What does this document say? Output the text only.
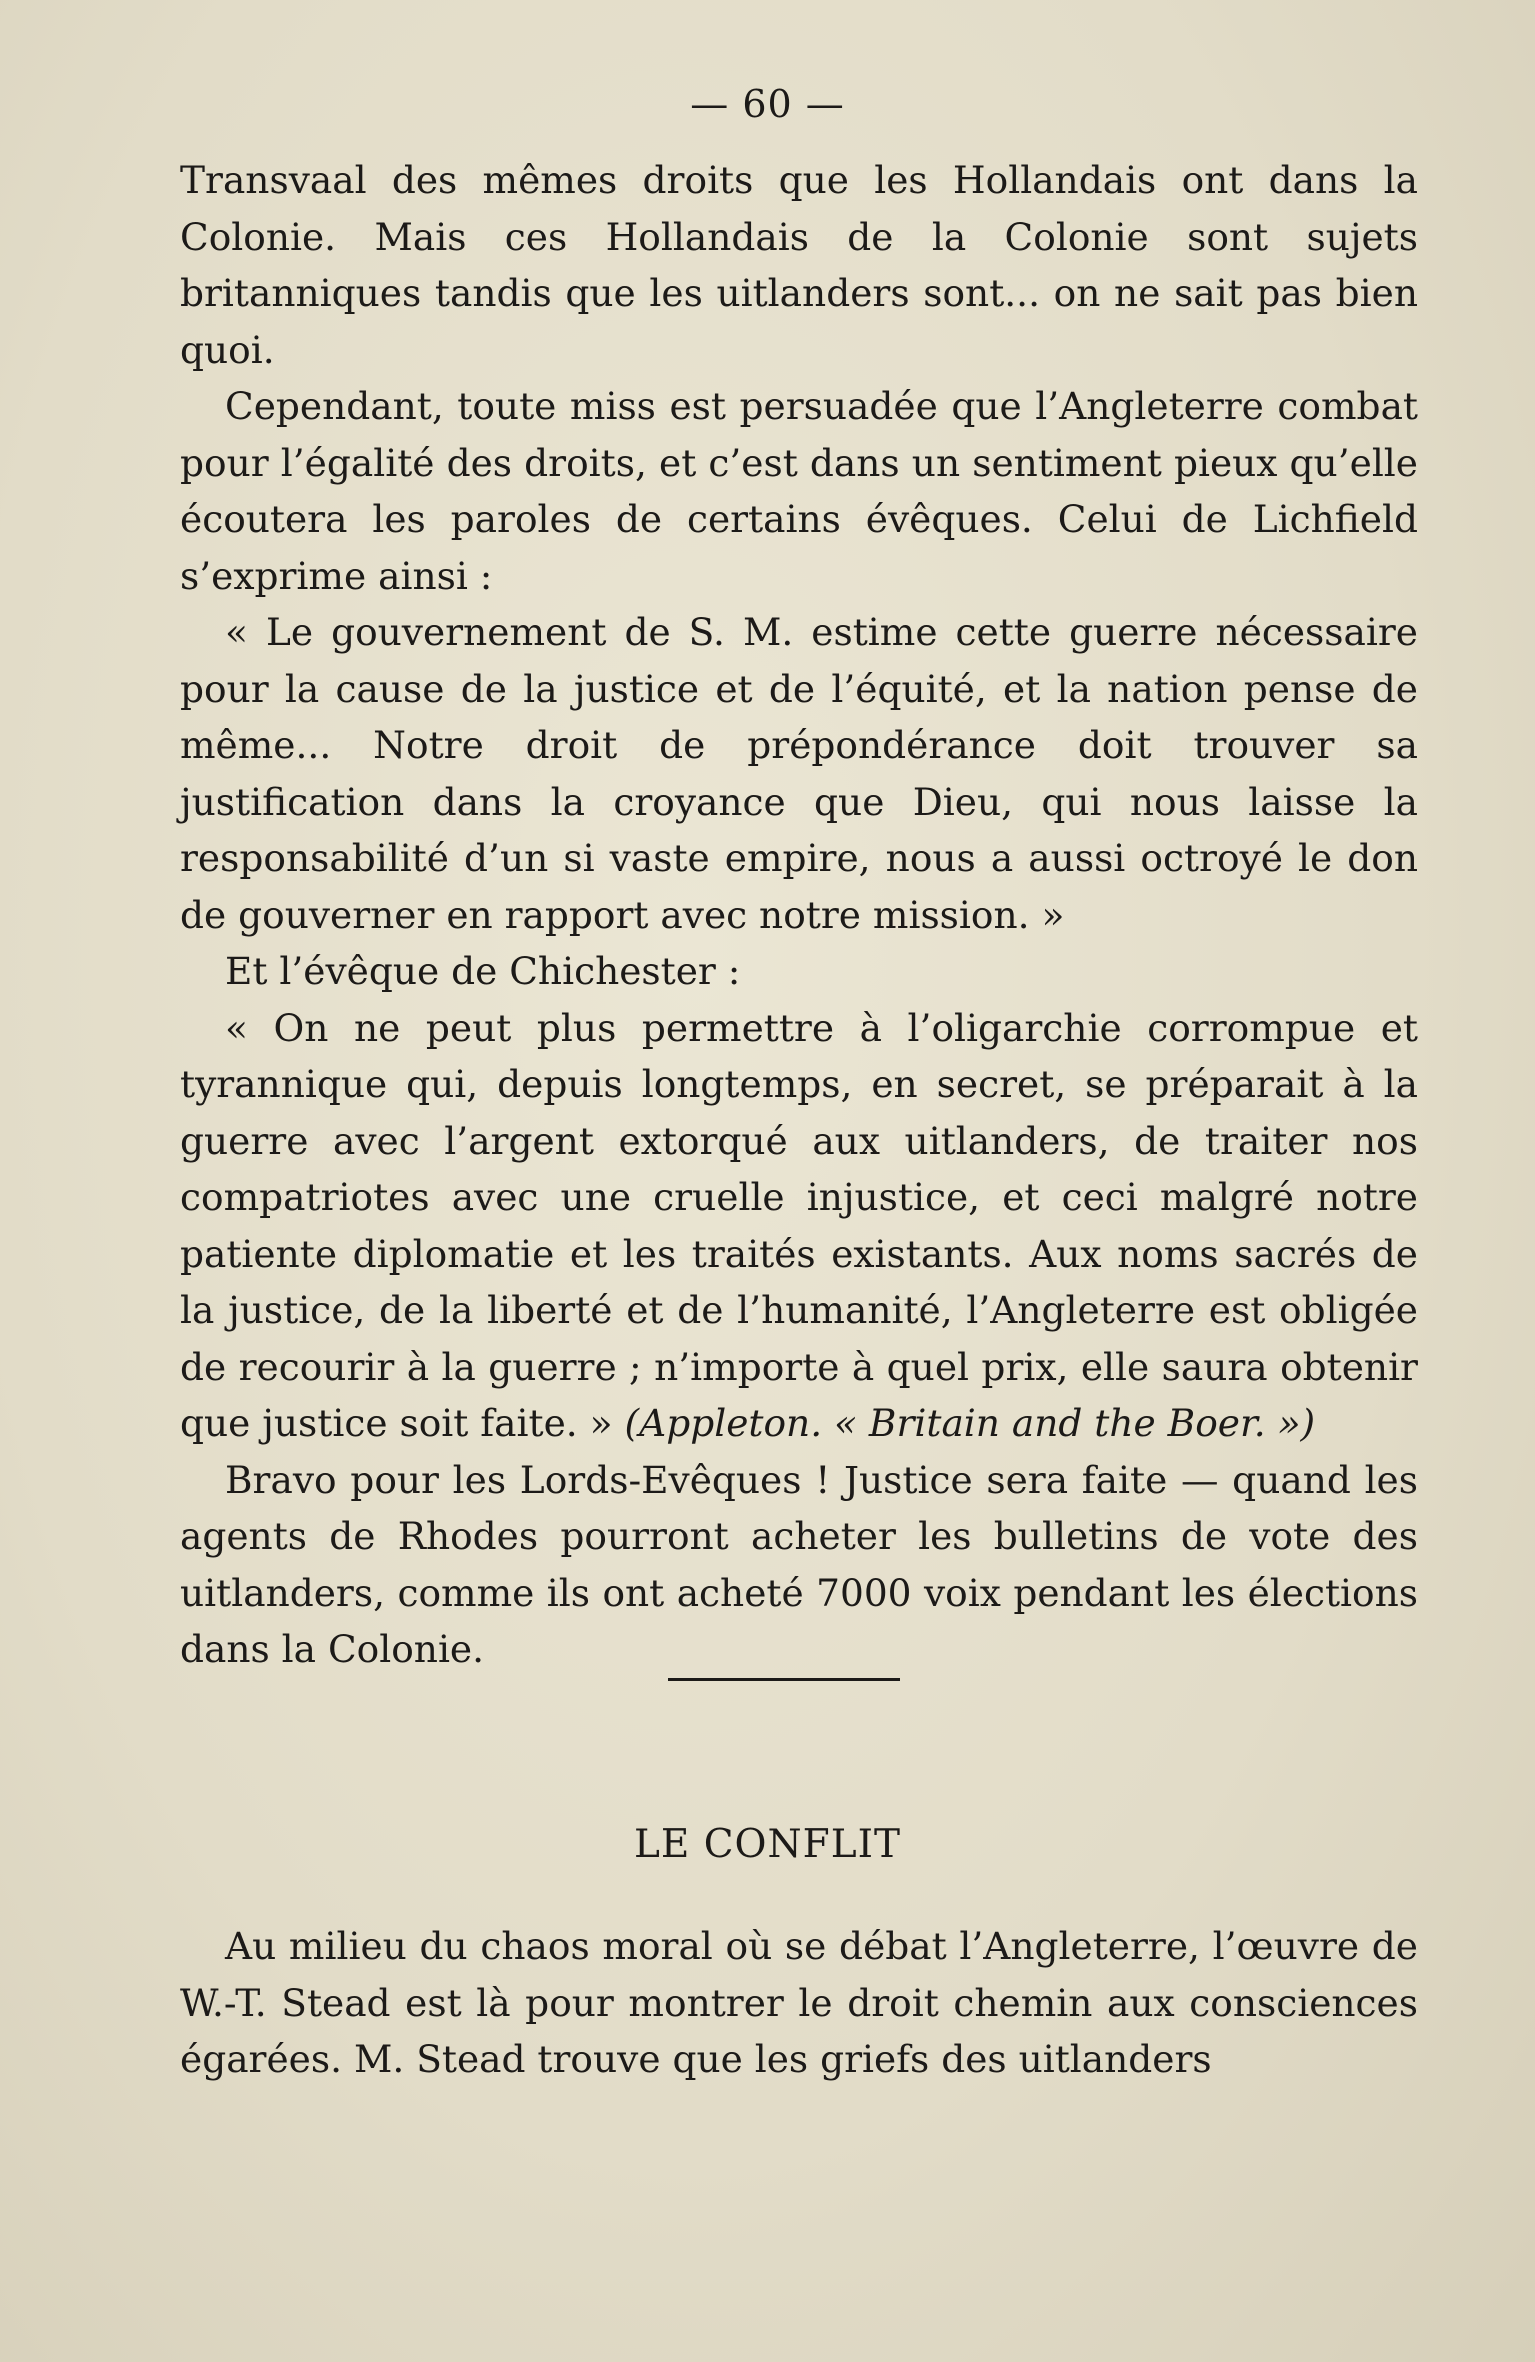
— 60 —

Transvaal des mêmes droits que les Hollandais ont dans la Colonie. Mais ces Hollandais de la Colonie sont sujets britanniques tandis que les uitlanders sont... on ne sait pas bien quoi.

Cependant, toute miss est persuadée que l’Angleterre combat pour l’égalité des droits, et c’est dans un sentiment pieux qu’elle écoutera les paroles de certains évêques. Celui de Lichfield s’exprime ainsi :

« Le gouvernement de S. M. estime cette guerre nécessaire pour la cause de la justice et de l’équité, et la nation pense de même... Notre droit de prépondérance doit trouver sa justification dans la croyance que Dieu, qui nous laisse la responsabilité d’un si vaste empire, nous a aussi octroyé le don de gouverner en rapport avec notre mission. »

Et l’évêque de Chichester :

« On ne peut plus permettre à l’oligarchie corrompue et tyrannique qui, depuis longtemps, en secret, se préparait à la guerre avec l’argent extorqué aux uitlanders, de traiter nos compatriotes avec une cruelle injustice, et ceci malgré notre patiente diplomatie et les traités existants. Aux noms sacrés de la justice, de la liberté et de l’humanité, l’Angleterre est obligée de recourir à la guerre ; n’importe à quel prix, elle saura obtenir que justice soit faite. » (Appleton. « Britain and the Boer. »)

Bravo pour les Lords-Evêques ! Justice sera faite — quand les agents de Rhodes pourront acheter les bulletins de vote des uitlanders, comme ils ont acheté 7000 voix pendant les élections dans la Colonie.

LE CONFLIT

Au milieu du chaos moral où se débat l’Angleterre, l’œuvre de W.-T. Stead est là pour montrer le droit chemin aux consciences égarées. M. Stead trouve que les griefs des uitlanders
